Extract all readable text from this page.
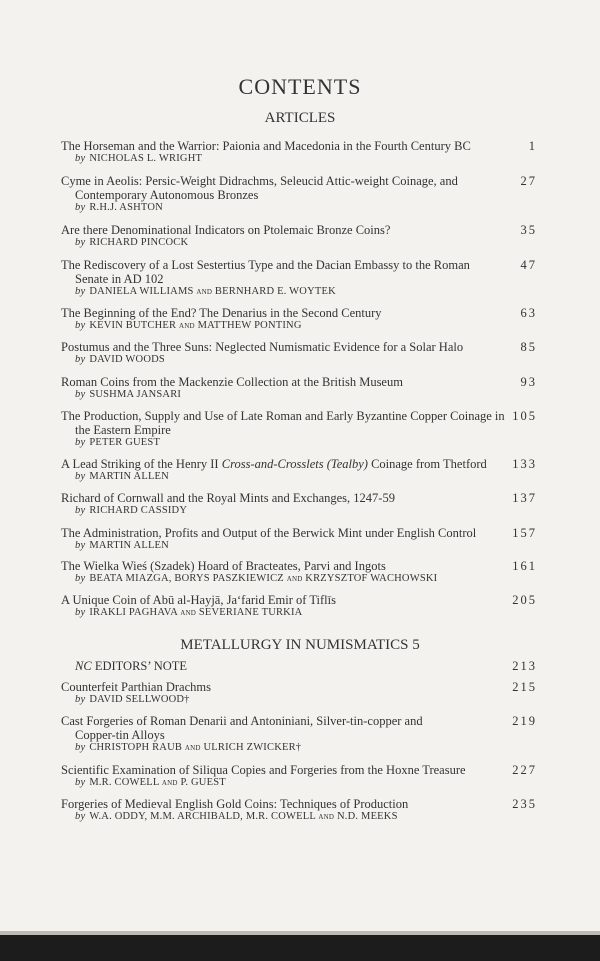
CONTENTS
ARTICLES
METALLURGY IN NUMISMATICS 5
The Horseman and the Warrior: Paionia and Macedonia in the Fourth Century BC
by NICHOLAS L. WRIGHT
1
Cyme in Aeolis: Persic-Weight Didrachms, Seleucid Attic-weight Coinage, and
Contemporary Autonomous Bronzes
by R.H.J. ASHTON
27
Are there Denominational Indicators on Ptolemaic Bronze Coins?
by RICHARD PINCOCK
35
The Rediscovery of a Lost Sestertius Type and the Dacian Embassy to the Roman
Senate in AD 102
by DANIELA WILLIAMS and BERNHARD E. WOYTEK
47
The Beginning of the End? The Denarius in the Second Century
by KEVIN BUTCHER and MATTHEW PONTING
63
Postumus and the Three Suns: Neglected Numismatic Evidence for a Solar Halo
by DAVID WOODS
85
Roman Coins from the Mackenzie Collection at the British Museum
by SUSHMA JANSARI
93
The Production, Supply and Use of Late Roman and Early Byzantine Copper Coinage in
the Eastern Empire
by PETER GUEST
105
A Lead Striking of the Henry II Cross-and-Crosslets (Tealby) Coinage from Thetford
by MARTIN ALLEN
133
Richard of Cornwall and the Royal Mints and Exchanges, 1247-59
by RICHARD CASSIDY
137
The Administration, Profits and Output of the Berwick Mint under English Control
by MARTIN ALLEN
157
The Wielka Wieś (Szadek) Hoard of Bracteates, Parvi and Ingots
by BEATA MIAZGA, BORYS PASZKIEWICZ and KRZYSZTOF WACHOWSKI
161
A Unique Coin of Abū al-Hayjā, Ja‘farid Emir of Tiflīs
by IRAKLI PAGHAVA and SEVERIANE TURKIA
205
NC EDITORS’ NOTE	213
Counterfeit Parthian Drachms
by DAVID SELLWOOD†
215
Cast Forgeries of Roman Denarii and Antoniniani, Silver-tin-copper and
Copper-tin Alloys
by CHRISTOPH RAUB and ULRICH ZWICKER†
219
Scientific Examination of Siliqua Copies and Forgeries from the Hoxne Treasure
by M.R. COWELL and P. GUEST
227
Forgeries of Medieval English Gold Coins: Techniques of Production
by W.A. ODDY, M.M. ARCHIBALD, M.R. COWELL and N.D. MEEKS
235
